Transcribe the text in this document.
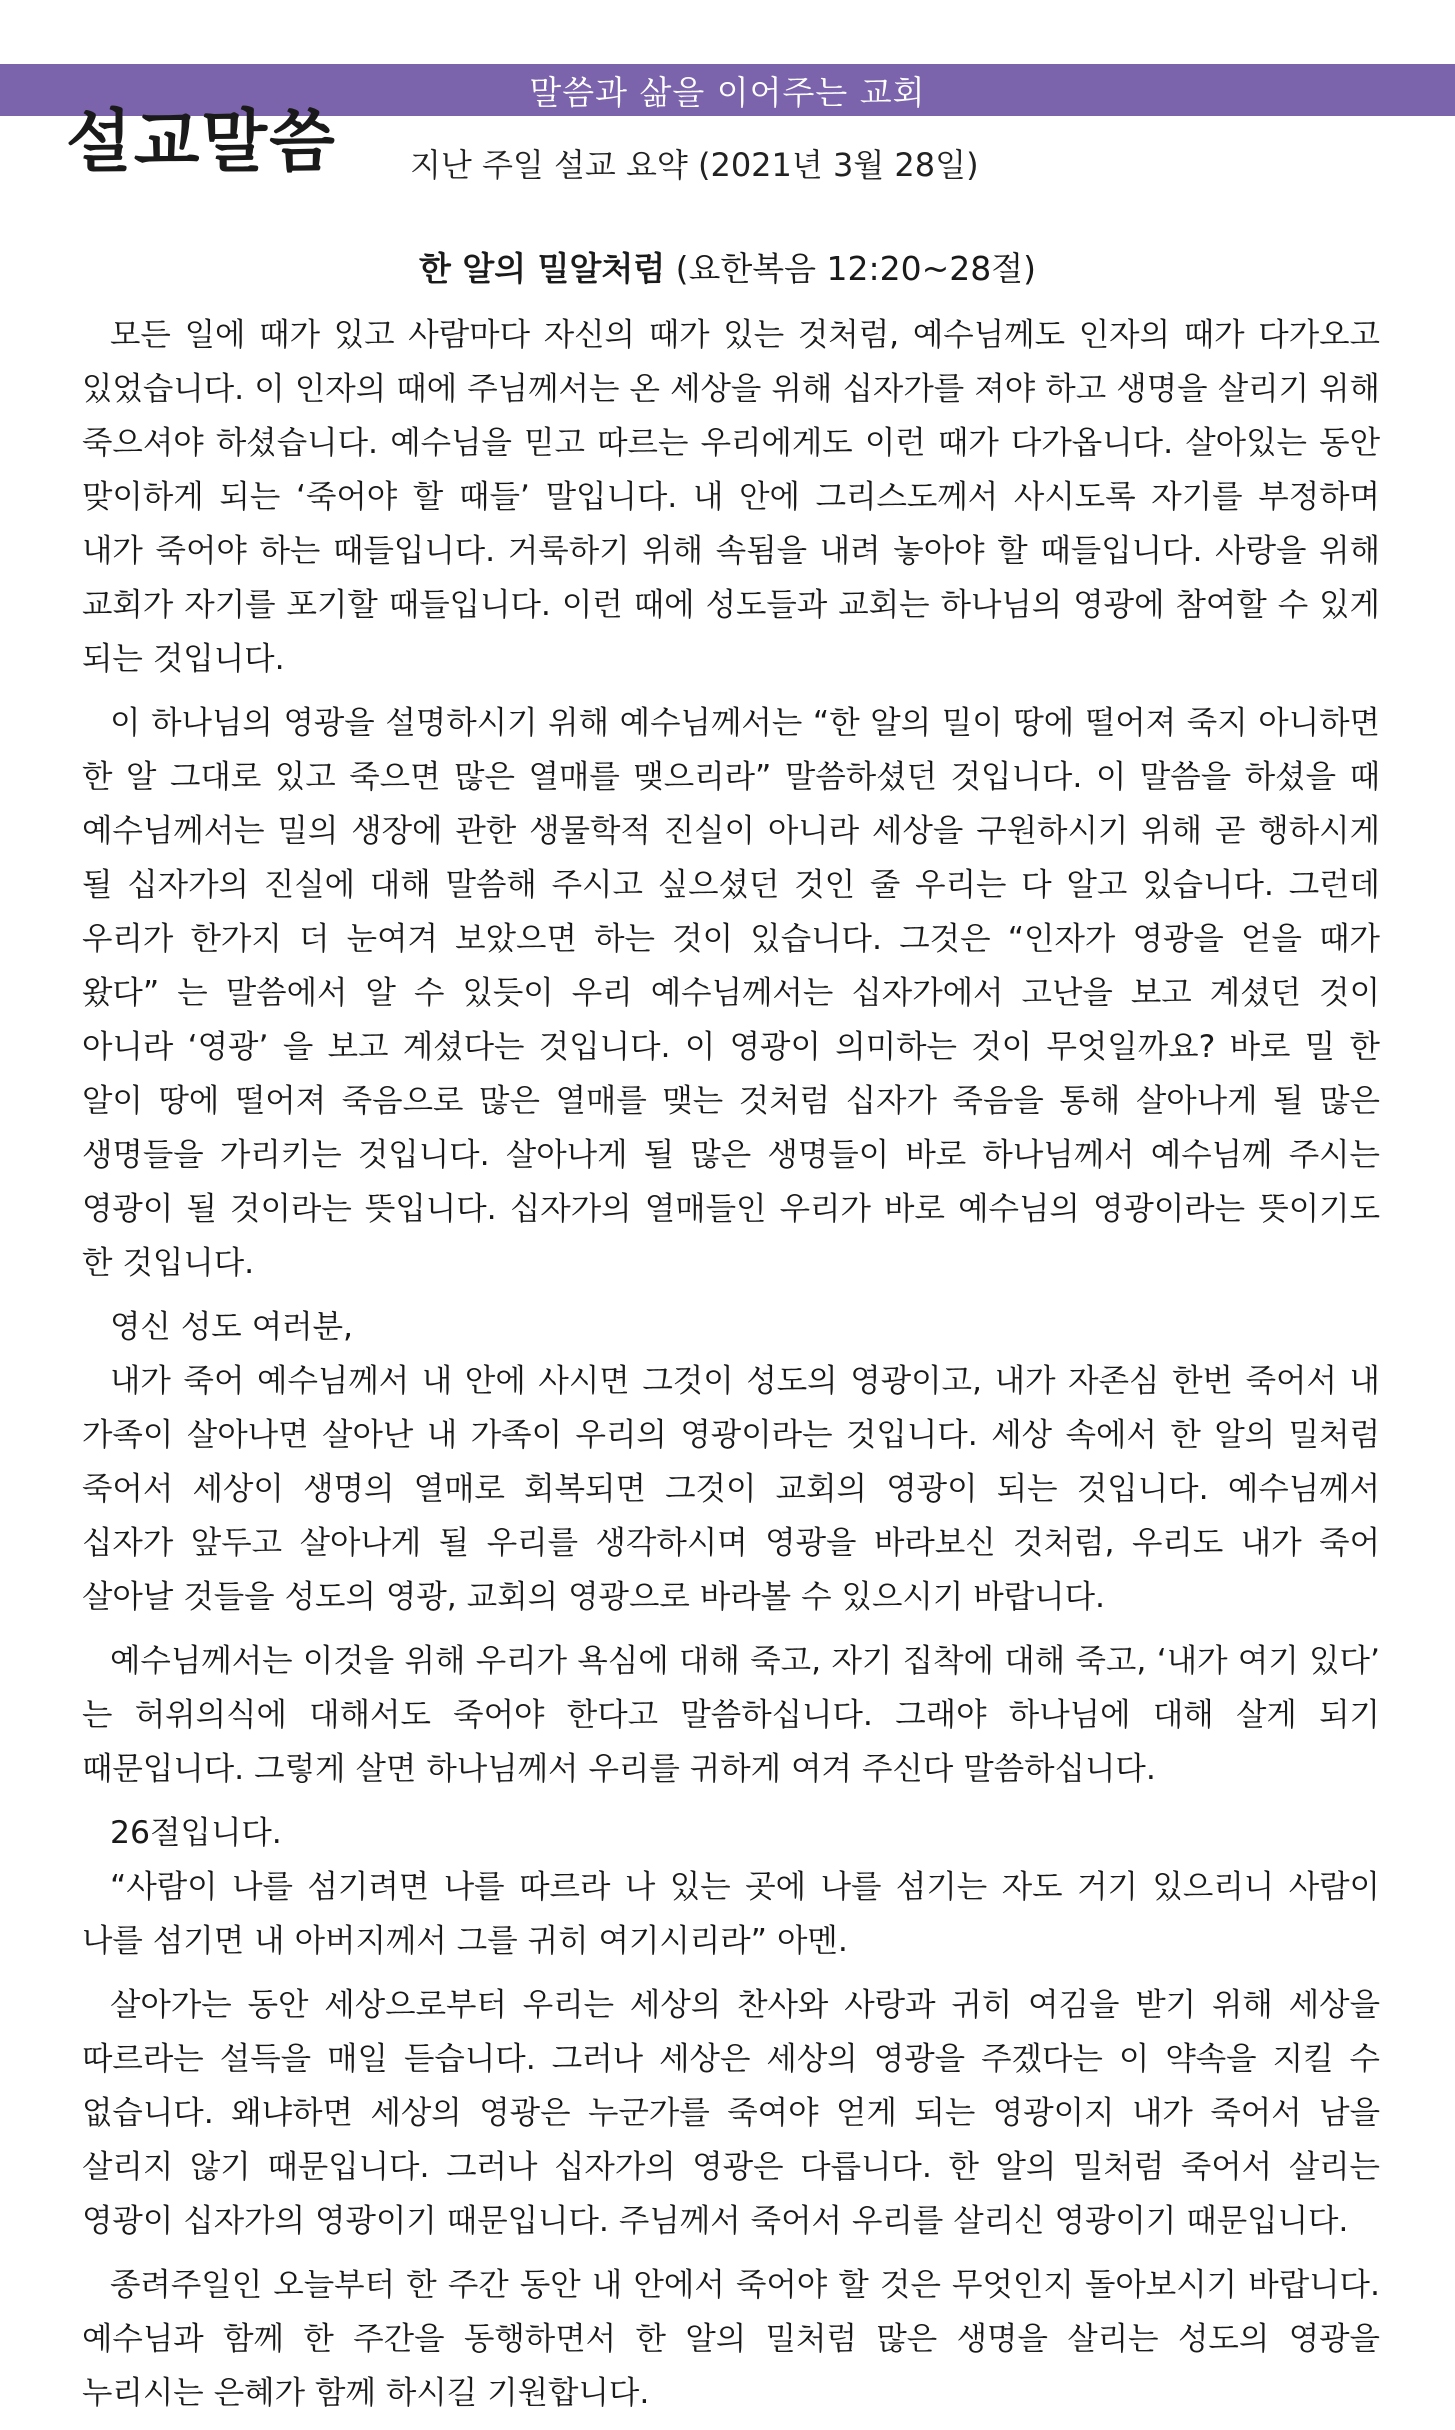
말씀과 삶을 이어주는 교회
설교말씀 지난 주일 설교 요약 (2021년 3월 28일)
한 알의 밀알처럼 (요한복음 12:20~28절)

모든 일에 때가 있고 사람마다 자신의 때가 있는 것처럼, 예수님께도 인자의 때가 다가오고 있었습니다. 이 인자의 때에 주님께서는 온 세상을 위해 십자가를 져야 하고 생명을 살리기 위해 죽으셔야 하셨습니다. 예수님을 믿고 따르는 우리에게도 이런 때가 다가옵니다. 살아있는 동안 맞이하게 되는 ‘죽어야 할 때들’ 말입니다. 내 안에 그리스도께서 사시도록 자기를 부정하며 내가 죽어야 하는 때들입니다. 거룩하기 위해 속됨을 내려 놓아야 할 때들입니다. 사랑을 위해 교회가 자기를 포기할 때들입니다. 이런 때에 성도들과 교회는 하나님의 영광에 참여할 수 있게 되는 것입니다.

이 하나님의 영광을 설명하시기 위해 예수님께서는 “한 알의 밀이 땅에 떨어져 죽지 아니하면 한 알 그대로 있고 죽으면 많은 열매를 맺으리라” 말씀하셨던 것입니다. 이 말씀을 하셨을 때 예수님께서는 밀의 생장에 관한 생물학적 진실이 아니라 세상을 구원하시기 위해 곧 행하시게 될 십자가의 진실에 대해 말씀해 주시고 싶으셨던 것인 줄 우리는 다 알고 있습니다. 그런데 우리가 한가지 더 눈여겨 보았으면 하는 것이 있습니다. 그것은 “인자가 영광을 얻을 때가 왔다” 는 말씀에서 알 수 있듯이 우리 예수님께서는 십자가에서 고난을 보고 계셨던 것이 아니라 ‘영광’ 을 보고 계셨다는 것입니다. 이 영광이 의미하는 것이 무엇일까요? 바로 밀 한 알이 땅에 떨어져 죽음으로 많은 열매를 맺는 것처럼 십자가 죽음을 통해 살아나게 될 많은 생명들을 가리키는 것입니다. 살아나게 될 많은 생명들이 바로 하나님께서 예수님께 주시는 영광이 될 것이라는 뜻입니다. 십자가의 열매들인 우리가 바로 예수님의 영광이라는 뜻이기도 한 것입니다.

영신 성도 여러분,

내가 죽어 예수님께서 내 안에 사시면 그것이 성도의 영광이고, 내가 자존심 한번 죽어서 내 가족이 살아나면 살아난 내 가족이 우리의 영광이라는 것입니다. 세상 속에서 한 알의 밀처럼 죽어서 세상이 생명의 열매로 회복되면 그것이 교회의 영광이 되는 것입니다. 예수님께서 십자가 앞두고 살아나게 될 우리를 생각하시며 영광을 바라보신 것처럼, 우리도 내가 죽어 살아날 것들을 성도의 영광, 교회의 영광으로 바라볼 수 있으시기 바랍니다.

예수님께서는 이것을 위해 우리가 욕심에 대해 죽고, 자기 집착에 대해 죽고, ‘내가 여기 있다’ 는 허위의식에 대해서도 죽어야 한다고 말씀하십니다. 그래야 하나님에 대해 살게 되기 때문입니다. 그렇게 살면 하나님께서 우리를 귀하게 여겨 주신다 말씀하십니다.

26절입니다.

“사람이 나를 섬기려면 나를 따르라 나 있는 곳에 나를 섬기는 자도 거기 있으리니 사람이 나를 섬기면 내 아버지께서 그를 귀히 여기시리라” 아멘.

살아가는 동안 세상으로부터 우리는 세상의 찬사와 사랑과 귀히 여김을 받기 위해 세상을 따르라는 설득을 매일 듣습니다. 그러나 세상은 세상의 영광을 주겠다는 이 약속을 지킬 수 없습니다. 왜냐하면 세상의 영광은 누군가를 죽여야 얻게 되는 영광이지 내가 죽어서 남을 살리지 않기 때문입니다. 그러나 십자가의 영광은 다릅니다. 한 알의 밀처럼 죽어서 살리는 영광이 십자가의 영광이기 때문입니다. 주님께서 죽어서 우리를 살리신 영광이기 때문입니다.

종려주일인 오늘부터 한 주간 동안 내 안에서 죽어야 할 것은 무엇인지 돌아보시기 바랍니다. 예수님과 함께 한 주간을 동행하면서 한 알의 밀처럼 많은 생명을 살리는 성도의 영광을 누리시는 은혜가 함께 하시길 기원합니다.
